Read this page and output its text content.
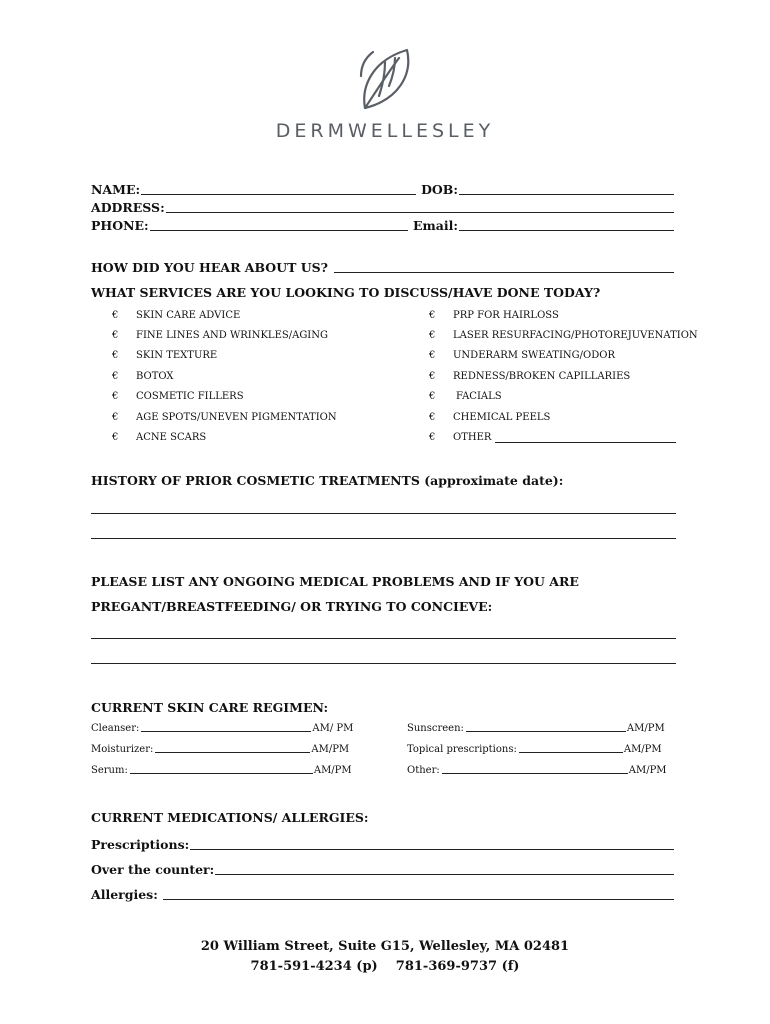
DERMWELLESLEY
NAME:	DOB:
ADDRESS:
PHONE:	Email:
HOW DID YOU HEAR ABOUT US?
WHAT SERVICES ARE YOU LOOKING TO DISCUSS/HAVE DONE TODAY?
€	SKIN CARE ADVICE
€	FINE LINES AND WRINKLES/AGING
€	SKIN TEXTURE
€	BOTOX
€	COSMETIC FILLERS
€	AGE SPOTS/UNEVEN PIGMENTATION
€	ACNE SCARS
€	PRP FOR HAIRLOSS
€	LASER RESURFACING/PHOTOREJUVENATION
€	UNDERARM SWEATING/ODOR
€	REDNESS/BROKEN CAPILLARIES
€	FACIALS
€	CHEMICAL PEELS
€	OTHER
HISTORY OF PRIOR COSMETIC TREATMENTS (approximate date):
PLEASE LIST ANY ONGOING MEDICAL PROBLEMS AND IF YOU ARE
PREGANT/BREASTFEEDING/ OR TRYING TO CONCIEVE:
CURRENT SKIN CARE REGIMEN:
Cleanser:	AM/ PM
Moisturizer:	AM/PM
Serum:	AM/PM
Sunscreen:	AM/PM
Topical prescriptions:	AM/PM
Other:	AM/PM
CURRENT MEDICATIONS/ ALLERGIES:
Prescriptions:
Over the counter:
Allergies:
20 William Street, Suite G15, Wellesley, MA 02481
781-591-4234 (p)    781-369-9737 (f)
